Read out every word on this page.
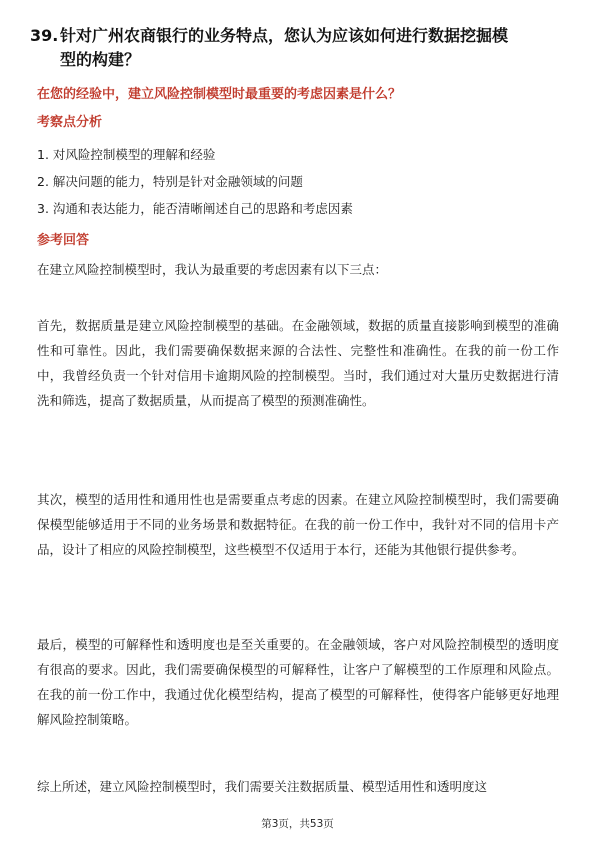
39. 针对广州农商银行的业务特点，您认为应该如何进行数据挖掘模
型的构建？
在您的经验中，建立风险控制模型时最重要的考虑因素是什么？
考察点分析
1. 对风险控制模型的理解和经验
2. 解决问题的能力，特别是针对金融领域的问题
3. 沟通和表达能力，能否清晰阐述自己的思路和考虑因素
参考回答

在建立风险控制模型时，我认为最重要的考虑因素有以下三点：

首先，数据质量是建立风险控制模型的基础。在金融领域，数据的质量直接影响到模型的准确性和可靠性。因此，我们需要确保数据来源的合法性、完整性和准确性。在我的前一份工作中，我曾经负责一个针对信用卡逾期风险的控制模型。当时，我们通过对大量历史数据进行清洗和筛选，提高了数据质量，从而提高了模型的预测准确性。

其次，模型的适用性和通用性也是需要重点考虑的因素。在建立风险控制模型时，我们需要确保模型能够适用于不同的业务场景和数据特征。在我的前一份工作中，我针对不同的信用卡产品，设计了相应的风险控制模型，这些模型不仅适用于本行，还能为其他银行提供参考。

最后，模型的可解释性和透明度也是至关重要的。在金融领域，客户对风险控制模型的透明度有很高的要求。因此，我们需要确保模型的可解释性，让客户了解模型的工作原理和风险点。在我的前一份工作中，我通过优化模型结构，提高了模型的可解释性，使得客户能够更好地理解风险控制策略。

综上所述，建立风险控制模型时，我们需要关注数据质量、模型适用性和透明度这

第3页，共53页
